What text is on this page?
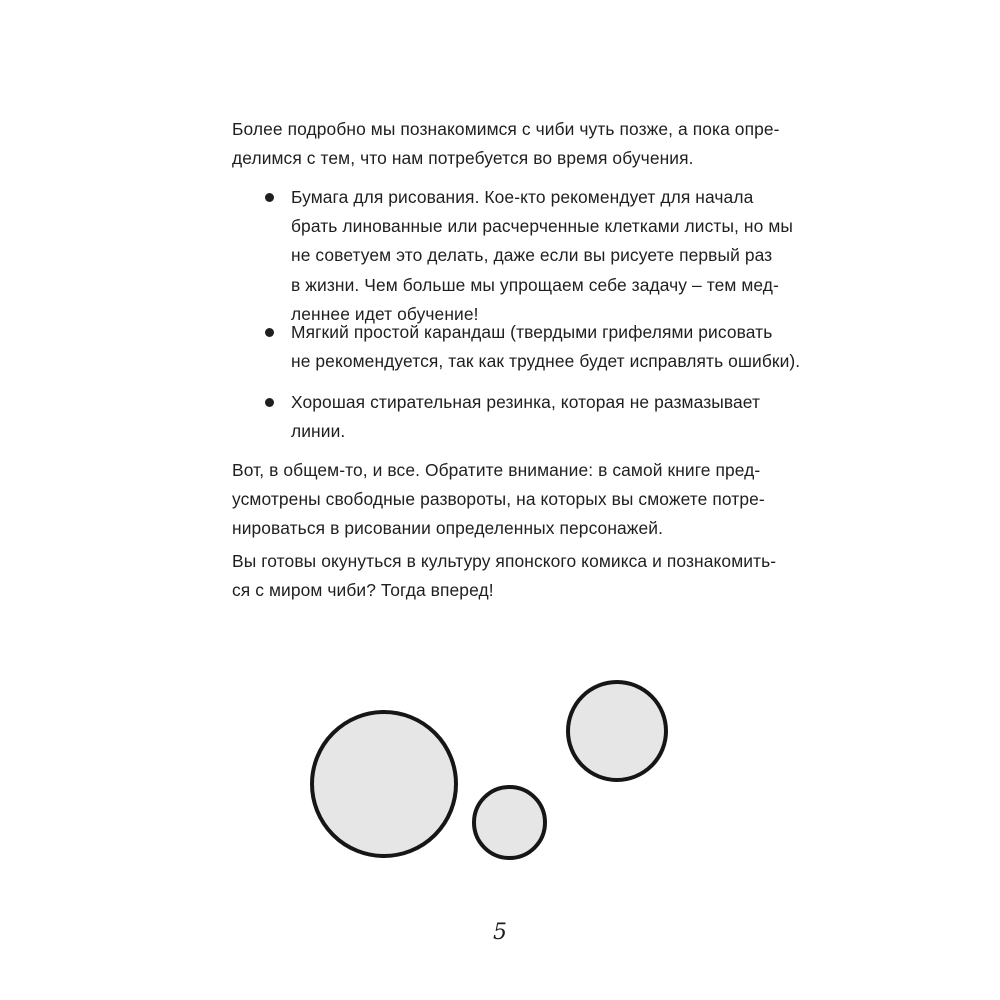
Более подробно мы познакомимся с чиби чуть позже, а пока опре-
делимся с тем, что нам потребуется во время обучения.
Бумага для рисования. Кое-кто рекомендует для начала
брать линованные или расчерченные клетками листы, но мы
не советуем это делать, даже если вы рисуете первый раз
в жизни. Чем больше мы упрощаем себе задачу – тем мед-
леннее идет обучение!
Мягкий простой карандаш (твердыми грифелями рисовать
не рекомендуется, так как труднее будет исправлять ошибки).
Хорошая стирательная резинка, которая не размазывает
линии.
Вот, в общем-то, и все. Обратите внимание: в самой книге пред-
усмотрены свободные развороты, на которых вы сможете потре-
нироваться в рисовании определенных персонажей.
Вы готовы окунуться в культуру японского комикса и познакомить-
ся с миром чиби? Тогда вперед!
5
